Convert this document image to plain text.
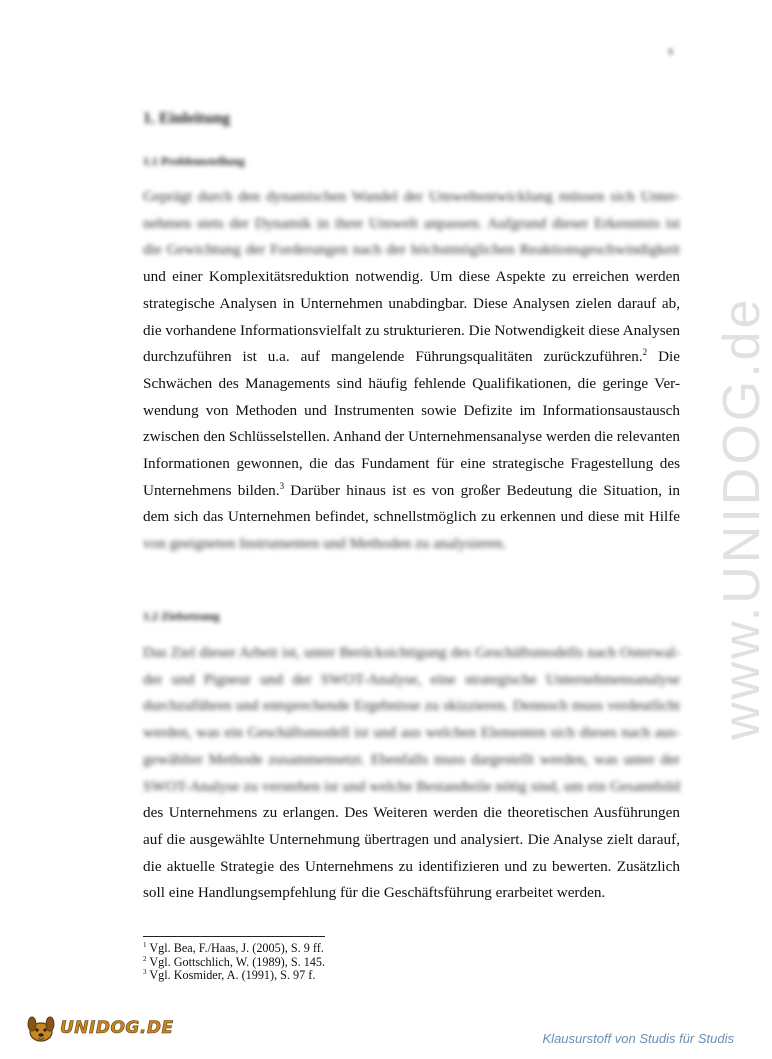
6
1. Einleitung
1.1 Problemstellung
Geprägt durch den dynamischen Wandel der Umweltentwicklung müssen sich Unter-
nehmen stets der Dynamik in ihrer Umwelt anpassen. Aufgrund dieser Erkenntnis ist
die Gewichtung der Forderungen nach der höchstmöglichen Reaktionsgeschwindigkeit
und einer Komplexitätsreduktion notwendig. Um diese Aspekte zu erreichen werden
strategische Analysen in Unternehmen unabdingbar. Diese Analysen zielen darauf ab,
die vorhandene Informationsvielfalt zu strukturieren. Die Notwendigkeit diese Analysen
durchzuführen ist u.a. auf mangelende Führungsqualitäten zurückzuführen.$^2$ Die
Schwächen des Managements sind häufig fehlende Qualifikationen, die geringe Ver-
wendung von Methoden und Instrumenten sowie Defizite im Informationsaustausch
zwischen den Schlüsselstellen. Anhand der Unternehmensanalyse werden die relevanten
Informationen gewonnen, die das Fundament für eine strategische Fragestellung des
Unternehmens bilden.$^3$ Darüber hinaus ist es von großer Bedeutung die Situation, in
dem sich das Unternehmen befindet, schnellstmöglich zu erkennen und diese mit Hilfe
von geeigneten Instrumenten und Methoden zu analysieren.
1.2 Zielsetzung
Das Ziel dieser Arbeit ist, unter Berücksichtigung des Geschäftsmodells nach Osterwal-
der und Pigneur und der SWOT-Analyse, eine strategische Unternehmensanalyse
durchzuführen und entsprechende Ergebnisse zu skizzieren. Dennoch muss verdeutlicht
werden, was ein Geschäftsmodell ist und aus welchen Elementen sich dieses nach aus-
gewählter Methode zusammensetzt. Ebenfalls muss dargestellt werden, was unter der
SWOT-Analyse zu verstehen ist und welche Bestandteile nötig sind, um ein Gesamtbild
des Unternehmens zu erlangen. Des Weiteren werden die theoretischen Ausführungen
auf die ausgewählte Unternehmung übertragen und analysiert. Die Analyse zielt darauf,
die aktuelle Strategie des Unternehmens zu identifizieren und zu bewerten. Zusätzlich
soll eine Handlungsempfehlung für die Geschäftsführung erarbeitet werden.
$^1$ Vgl. Bea, F./Haas, J. (2005), S. 9 ff.
$^2$ Vgl. Gottschlich, W. (1989), S. 145.
$^3$ Vgl. Kosmider, A. (1991), S. 97 f.
www.UNIDOG.de
UNIDOG.DE
Klausurstoff von Studis für Studis
